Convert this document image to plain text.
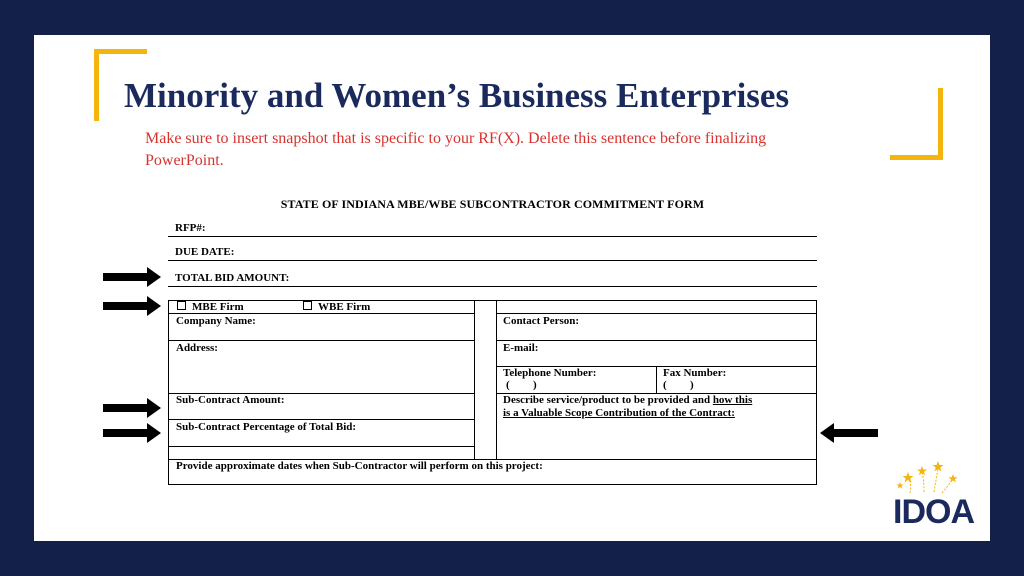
Minority and Women’s Business Enterprises
Make sure to insert snapshot that is specific to your RF(X). Delete this sentence before finalizing PowerPoint.
STATE OF INDIANA MBE/WBE SUBCONTRACTOR COMMITMENT FORM
RFP#:
DUE DATE:
TOTAL BID AMOUNT:
MBE Firm	WBE Firm
Company Name:	Contact Person:
Address:	E-mail:
Telephone Number:	Fax Number:
( )	( )
Sub-Contract Amount:	Describe service/product to be provided and how this
is a Valuable Scope Contribution of the Contract:
Sub-Contract Percentage of Total Bid:
Provide approximate dates when Sub-Contractor will perform on this project:
IDOA
